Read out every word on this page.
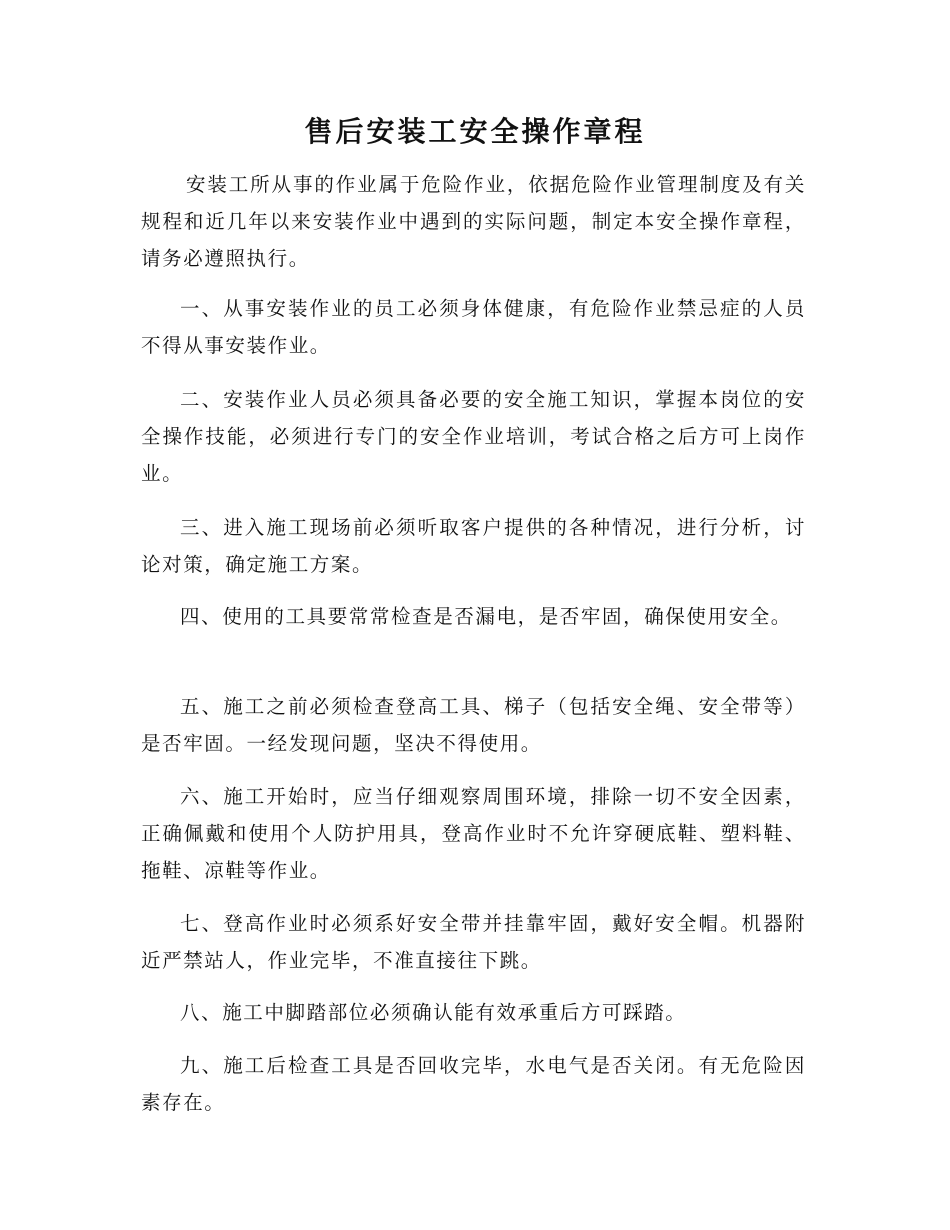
售后安装工安全操作章程

安装工所从事的作业属于危险作业，依据危险作业管理制度及有关规程和近几年以来安装作业中遇到的实际问题，制定本安全操作章程，请务必遵照执行。

一、从事安装作业的员工必须身体健康，有危险作业禁忌症的人员不得从事安装作业。

二、安装作业人员必须具备必要的安全施工知识，掌握本岗位的安全操作技能，必须进行专门的安全作业培训，考试合格之后方可上岗作业。

三、进入施工现场前必须听取客户提供的各种情况，进行分析，讨论对策，确定施工方案。

四、使用的工具要常常检查是否漏电，是否牢固，确保使用安全。

五、施工之前必须检查登高工具、梯子（包括安全绳、安全带等）是否牢固。一经发现问题，坚决不得使用。

六、施工开始时，应当仔细观察周围环境，排除一切不安全因素，正确佩戴和使用个人防护用具，登高作业时不允许穿硬底鞋、塑料鞋、拖鞋、凉鞋等作业。

七、登高作业时必须系好安全带并挂靠牢固，戴好安全帽。机器附近严禁站人，作业完毕，不准直接往下跳。

八、施工中脚踏部位必须确认能有效承重后方可踩踏。

九、施工后检查工具是否回收完毕，水电气是否关闭。有无危险因素存在。
